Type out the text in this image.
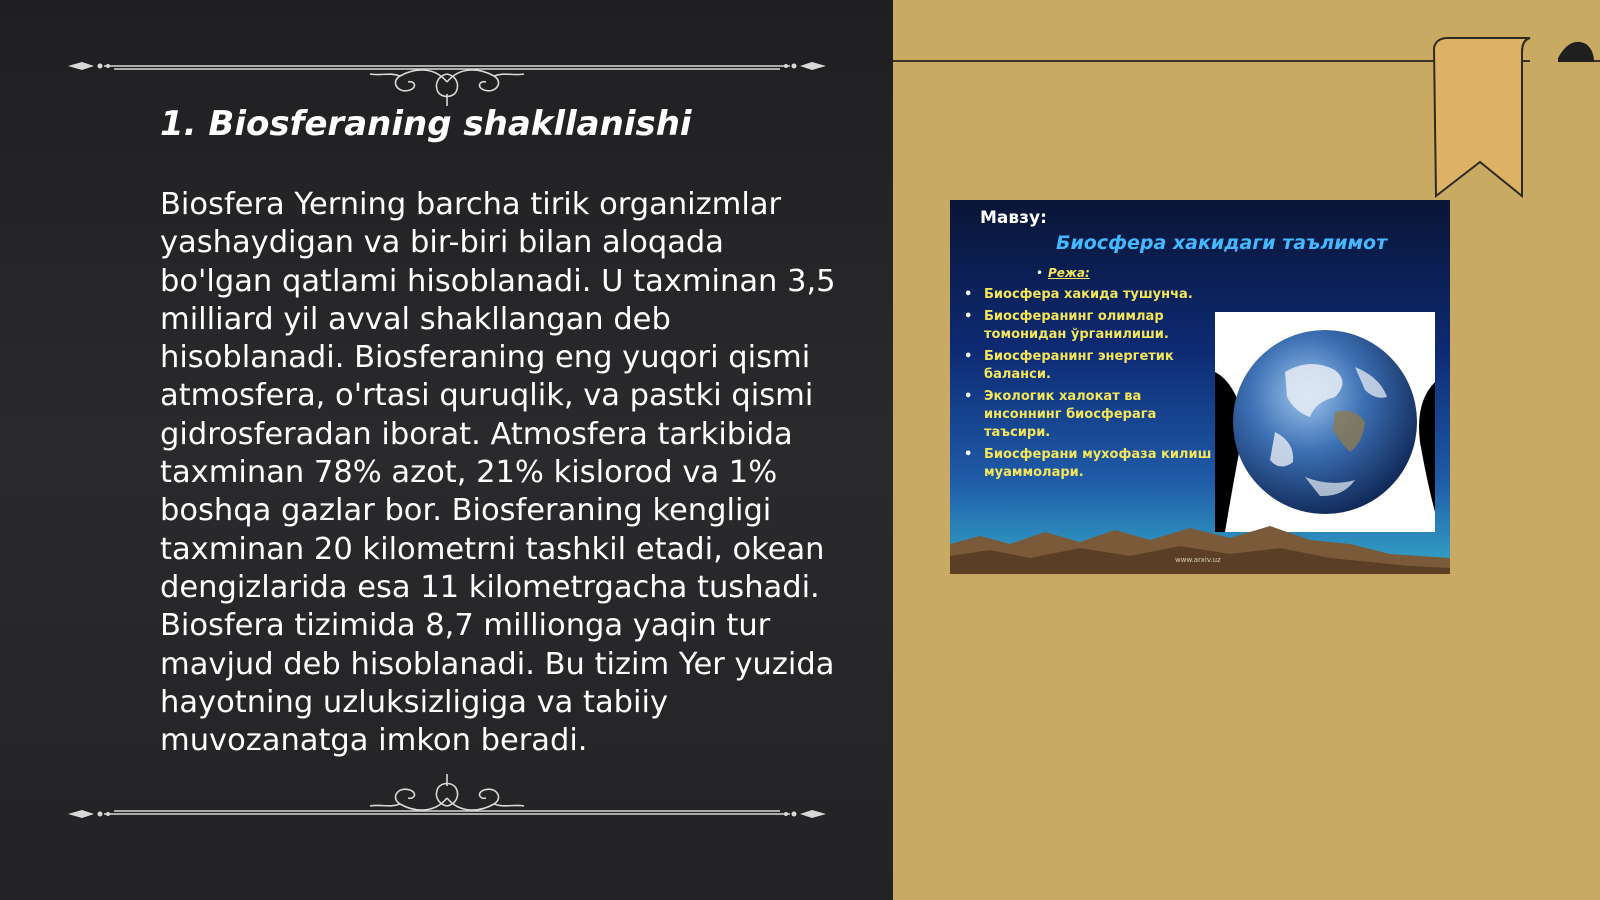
1. Biosferaning shakllanishi

Biosfera Yerning barcha tirik organizmlar yashaydigan va bir-biri bilan aloqada bo'lgan qatlami hisoblanadi. U taxminan 3,5 milliard yil avval shakllangan deb hisoblanadi. Biosferaning eng yuqori qismi atmosfera, o'rtasi quruqlik, va pastki qismi gidrosferadan iborat. Atmosfera tarkibida taxminan 78% azot, 21% kislorod va 1% boshqa gazlar bor. Biosferaning kengligi taxminan 20 kilometrni tashkil etadi, okean dengizlarida esa 11 kilometrgacha tushadi. Biosfera tizimida 8,7 millionga yaqin tur mavjud deb hisoblanadi. Bu tizim Yer yuzida hayotning uzluksizligiga va tabiiy muvozanatga imkon beradi.

Мавзу:
Биосфера хакидаги таълимот
• Режа:
• Биосфера хакида тушунча.
• Биосферанинг олимлар томонидан ўрганилиши.
• Биосферанинг энергетик баланси.
• Экологик халокат ва инсоннинг биосферага таъсири.
• Биосферани мухофаза килиш муаммолари.
www.arxiv.uz
